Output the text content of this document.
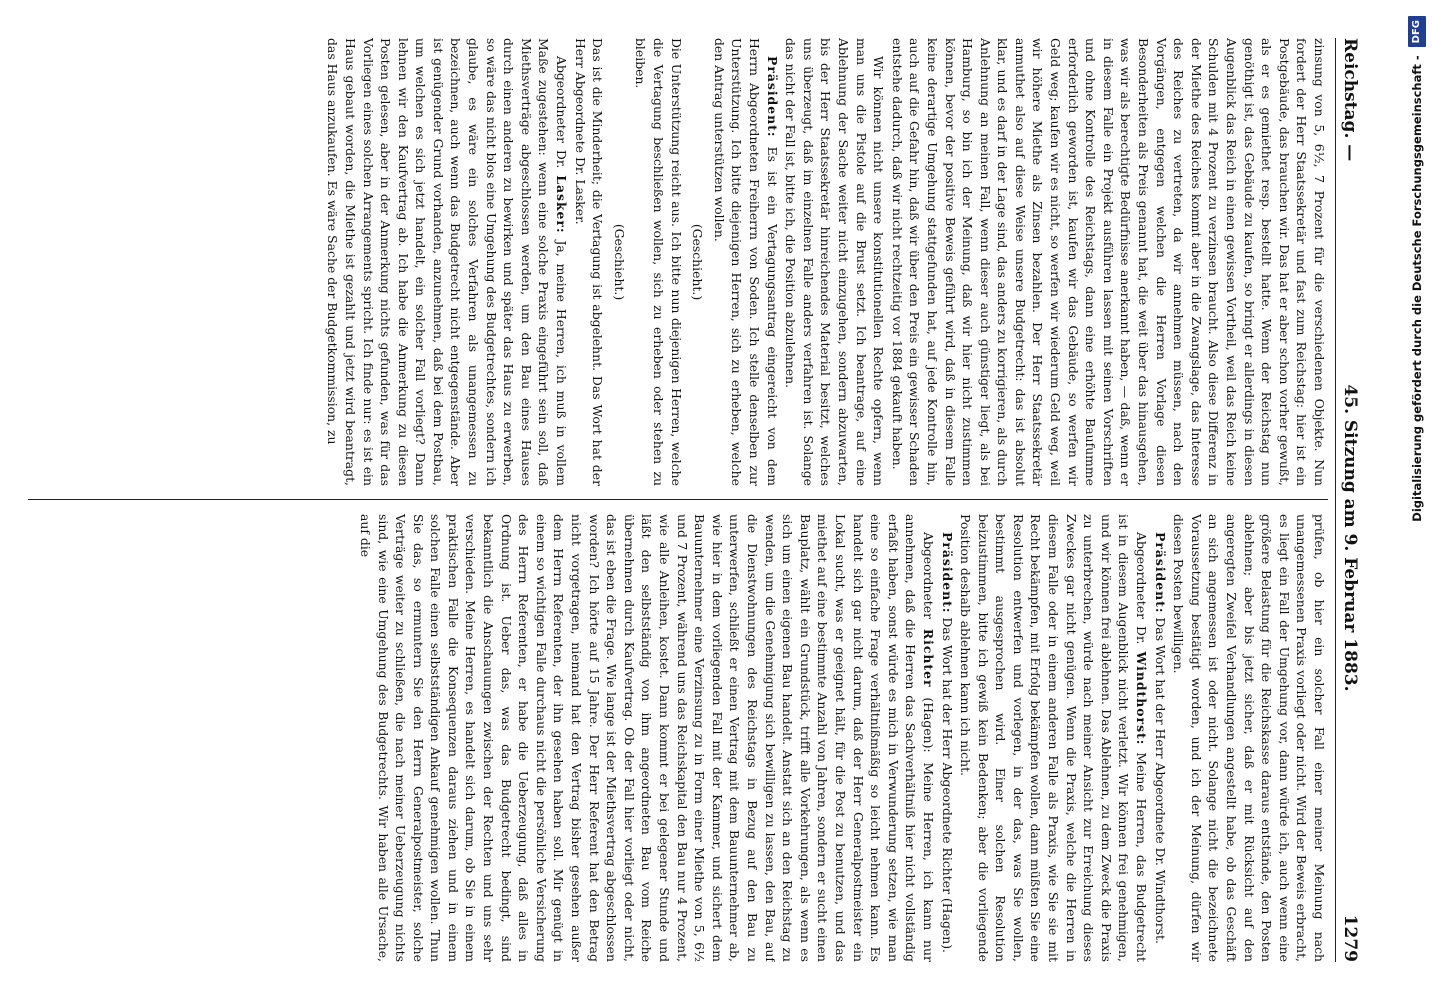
Reichstag. —
45. Sitzung am 9. Februar 1883.
1279

zinsung von 5, 6½, 7 Prozent für die verschiedenen Objekte. Nun fordert der Herr Staatssekretär und fast zum Reichstag: hier ist ein Postgebäude, das brauchen wir. Das hat er aber schon vorher gewußt, als er es gemiethet resp. bestellt hatte. Wenn der Reichstag nun genöthigt ist, das Gebäude zu kaufen, so bringt er allerdings in diesen Augenblick das Reich in einen gewissen Vortheil, weil das Reich keine Schulden mit 4 Prozent zu verzinsen braucht. Also diese Differenz in der Miethe des Reiches kommt aber in die Zwangslage, das Interesse des Reiches zu vertreten, da wir annehmen müssen, nach den Vorgängen, entgegen welchen die Herren Vorlage diesen Besonderheiten als Preis genannt hat, die weit über das hinausgehen, was wir als berechtigte Bedürfnisse anerkannt haben, — daß, wenn er in diesem Falle ein Projekt ausführen lassen mit seinen Vorschriften und ohne Kontrolle des Reichstags, dann eine erhöhte Baufumme erforderlich geworden ist, kaufen wir das Gebäude, so werfen wir Geld weg; kaufen wir es nicht, so werfen wir wiederum Geld weg, weil wir höhere Miethe als Zinsen bezahlen. Der Herr Staatssekretär anmuthet also auf diese Weise unsere Budgetrecht: das ist absolut klar, und es darf in der Lage sind, das anders zu korrigieren, als durch Anlehnung an meinen Fall, wenn dieser auch günstiger liegt, als bei Hamburg, so bin ich der Meinung, daß wir hier nicht zustimmen können, bevor der positive Beweis geführt wird, daß in diesem Falle keine derartige Umgehung stattgefunden hat, auf jede Kontrolle hin, auch auf die Gefahr hin, daß wir über den Preis ein gewisser Schaden entstehe dadurch, daß wir nicht rechtzeitig vor 1884 gekauft haben.

Wir können nicht unsere konstitutionellen Rechte opfern, wenn man uns die Pistole auf die Brust setzt. Ich beantrage, auf eine Ablehnung der Sache weiter nicht einzugehen, sondern abzuwarten, bis der Herr Staatssekretär hinreichendes Material besitzt, welches uns überzeugt, daß im einzelnen Falle anders verfahren ist. Solange das nicht der Fall ist, bitte ich, die Position abzulehnen.

Präsident: Es ist ein Vertagungsantrag eingereicht von dem Herrn Abgeordneten Freiherrn von Soden. Ich stelle denselben zur Unterstützung. Ich bitte diejenigen Herren, sich zu erheben, welche den Antrag unterstützen wollen.

(Geschieht.)

Die Unterstützung reicht aus. Ich bitte nun diejenigen Herren, welche die Vertagung beschließen wollen, sich zu erheben oder stehen zu bleiben.

(Geschieht.)

Das ist die Minderheit; die Vertagung ist abgelehnt. Das Wort hat der Herr Abgeordnete Dr. Lasker.

Abgeordneter Dr. Lasker: Ja, meine Herren, ich muß in vollem Maße zugestehen: wenn eine solche Praxis eingeführt sein soll, daß Miethsverträge abgeschlossen werden, um den Bau eines Hauses durch einen anderen zu bewirken und später das Haus zu erwerben, so wäre das nicht blos eine Umgehung des Budgetrechtes, sondern ich glaube, es wäre ein solches Verfahren als unangemessen zu bezeichnen, auch wenn das Budgetrecht nicht entgegenstände. Aber ist genügender Grund vorhanden, anzunehmen, daß bei dem Postbau, um welchen es sich jetzt handelt, ein solcher Fall vorliegt? Dann lehnen wir den Kaufvertrag ab. Ich habe die Anmerkung zu diesen Posten gelesen, aber in der Anmerkung nichts gefunden, was für das Vorliegen eines solchen Arrangements spricht. Ich finde nur: es ist ein Haus gebaut worden, die Miethe ist gezahlt und jetzt wird beantragt, das Haus anzukaufen. Es wäre Sache der Budgetkommission, zu

prüfen, ob hier ein solcher Fall einer meiner Meinung nach unangemessenen Praxis vorliegt oder nicht. Wird der Beweis erbracht, es liegt ein Fall der Umgehung vor, dann würde ich, auch wenn eine größere Belastung für die Reichskasse daraus entstände, den Posten ablehnen; aber bis jetzt sicher, daß er mit Rücksicht auf den angeregten Zweifel Verhandlungen angestellt habe, ob das Geschäft an sich angemessen ist oder nicht. Solange nicht die bezeichnete Voraussetzung bestätigt worden, und ich der Meinung, dürfen wir diesen Posten bewilligen.

Präsident: Das Wort hat der Herr Abgeordnete Dr. Windthorst.

Abgeordneter Dr. Windthorst: Meine Herren, das Budgetrecht ist in diesem Augenblick nicht verletzt. Wir können frei genehmigen, und wir können frei ablehnen. Das Ablehnen, zu dem Zweck die Praxis zu unterbrechen, würde nach meiner Ansicht zur Erreichung dieses Zweckes gar nicht genügen. Wenn die Praxis, welche die Herren in diesem Falle oder in einem anderen Falle als Praxis, wie Sie sie mit Recht bekämpfen, mit Erfolg bekämpfen wollen, dann müßten Sie eine Resolution entwerfen und vorlegen, in der das, was Sie wollen, bestimmt ausgesprochen wird. Einer solchen Resolution beizustimmen, bitte ich gewiß kein Bedenken; aber die vorliegende Position deshalb ablehnen kann ich nicht.

Präsident: Das Wort hat der Herr Abgeordnete Richter (Hagen).

Abgeordneter Richter (Hagen): Meine Herren, ich kann nur annehmen, daß die Herren das Sachverhältniß hier nicht vollständig erfaßt haben, sonst würde es mich in Verwunderung setzen, wie man eine so einfache Frage verhältnißmäßig so leicht nehmen kann. Es handelt sich gar nicht darum, daß der Herr Generalpostmeister ein Lokal sucht, was er geeignet hält, für die Post zu benutzen, und das miethet auf eine bestimmte Anzahl von Jahren, sondern er sucht einen Bauplatz, wählt ein Grundstück, trifft alle Vorkehrungen, als wenn es sich um einen eigenen Bau handelt. Anstatt sich an den Reichstag zu wenden, um die Genehmigung sich bewilligen zu lassen, den Bau, auf die Dienstwohnungen des Reichstags in Bezug auf den Bau zu unterwerfen, schließt er einen Vertrag mit dem Bauunternehmer ab, wie hier in dem vorliegenden Fall mit der Kammer, und sichert dem Bauunternehmer eine Verzinsung zu in Form einer Miethe von 5, 6½ und 7 Prozent, während uns das Reichskapital den Bau nur 4 Prozent, wie alle Anleihen, kostet. Dann kommt er bei gelegener Stunde und läßt den selbstständig von ihm angeordneten Bau vom Reiche übernehmen durch Kaufvertrag. Ob der Fall hier vorliegt oder nicht, das ist eben die Frage. Wie lange ist der Miethsvertrag abgeschlossen worden? Ich hörte auf 15 Jahre. Der Herr Referent hat den Betrag nicht vorgetragen, niemand hat den Vertrag bisher gesehen außer dem Herrn Referenten, der ihn gesehen haben soll. Mir genügt in einem so wichtigen Falle durchaus nicht die persönliche Versicherung des Herrn Referenten, er habe die Ueberzeugung, daß alles in Ordnung ist. Ueber das, was das Budgetrecht bedingt, sind bekanntlich die Anschauungen zwischen der Rechten und uns sehr verschieden. Meine Herren, es handelt sich darum, ob Sie in einem praktischen Falle die Konsequenzen daraus ziehen und in einem solchen Falle einen selbstständigen Ankauf genehmigen wollen. Thun Sie das, so ermuntern Sie den Herrn Generalpostmeister, solche Verträge weiter zu schließen, die nach meiner Ueberzeugung nichts sind, wie eine Umgehung des Budgetrechts. Wir haben alle Ursache, auf die

Digitalisierung gefördert durch die Deutsche Forschungsgemeinschaft -
DFG
